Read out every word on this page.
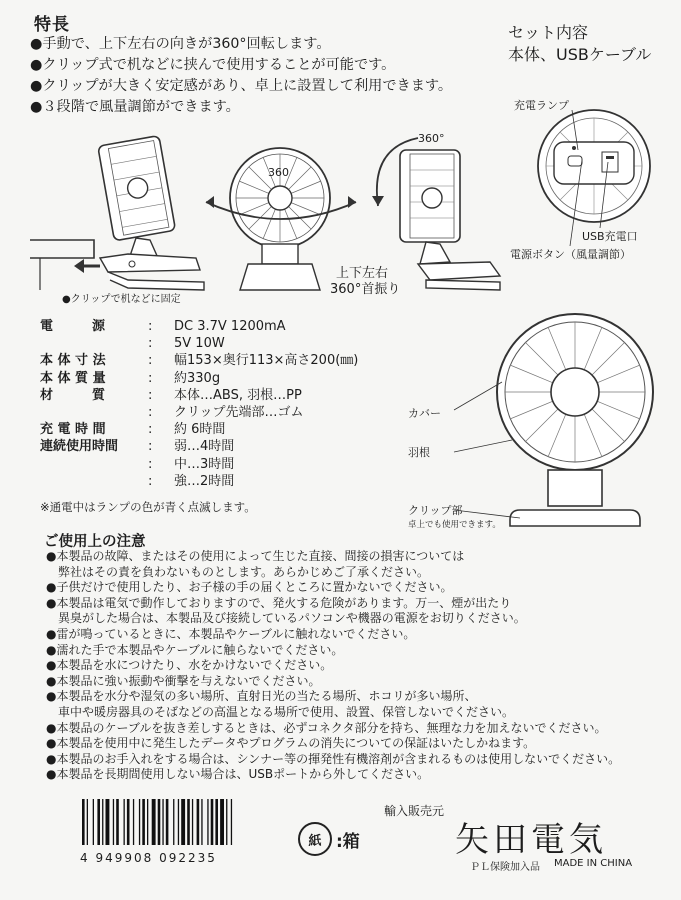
特長
●手動で、上下左右の向きが360°回転します。
●クリップ式で机などに挟んで使用することが可能です。
●クリップが大きく安定感があり、卓上に設置して利用できます。
●３段階で風量調節ができます。
セット内容
本体、USBケーブル
●クリップで机などに固定
360
360°
上下左右
360°首振り
充電ランプ
USB充電口
電源ボタン（風量調節）
カバー
羽根
クリップ部
卓上でも使用できます。
電　　　源	:	DC 3.7V 1200mA
:	5V 10W
本 体 寸 法	:	幅153×奥行113×高さ200(㎜)
本 体 質 量	:	約330g
材　　　質	:	本体…ABS, 羽根…PP
:	クリップ先端部…ゴム
充 電 時 間	:	約 6時間
連続使用時間	:	弱…4時間
:	中…3時間
:	強…2時間
※通電中はランプの色が青く点滅します。
ご使用上の注意
●本製品の故障、またはその使用によって生じた直接、間接の損害については
　弊社はその責を負わないものとします。あらかじめご了承ください。
●子供だけで使用したり、お子様の手の届くところに置かないでください。
●本製品は電気で動作しておりますので、発火する危険があります。万一、煙が出たり
　異臭がした場合は、本製品及び接続しているパソコンや機器の電源をお切りください。
●雷が鳴っているときに、本製品やケーブルに触れないでください。
●濡れた手で本製品やケーブルに触らないでください。
●本製品を水につけたり、水をかけないでください。
●本製品に強い振動や衝撃を与えないでください。
●本製品を水分や湿気の多い場所、直射日光の当たる場所、ホコリが多い場所、
　車中や暖房器具のそばなどの高温となる場所で使用、設置、保管しないでください。
●本製品のケーブルを抜き差しするときは、必ずコネクタ部分を持ち、無理な力を加えないでください。
●本製品を使用中に発生したデータやプログラムの消失についての保証はいたしかねます。
●本製品のお手入れをする場合は、シンナー等の揮発性有機溶剤が含まれるものは使用しないでください。
●本製品を長期間使用しない場合は、USBポートから外してください。
4 949908 092235
紙 :箱
輸入販売元
矢田電気
ＰＬ保険加入品 MADE IN CHINA
